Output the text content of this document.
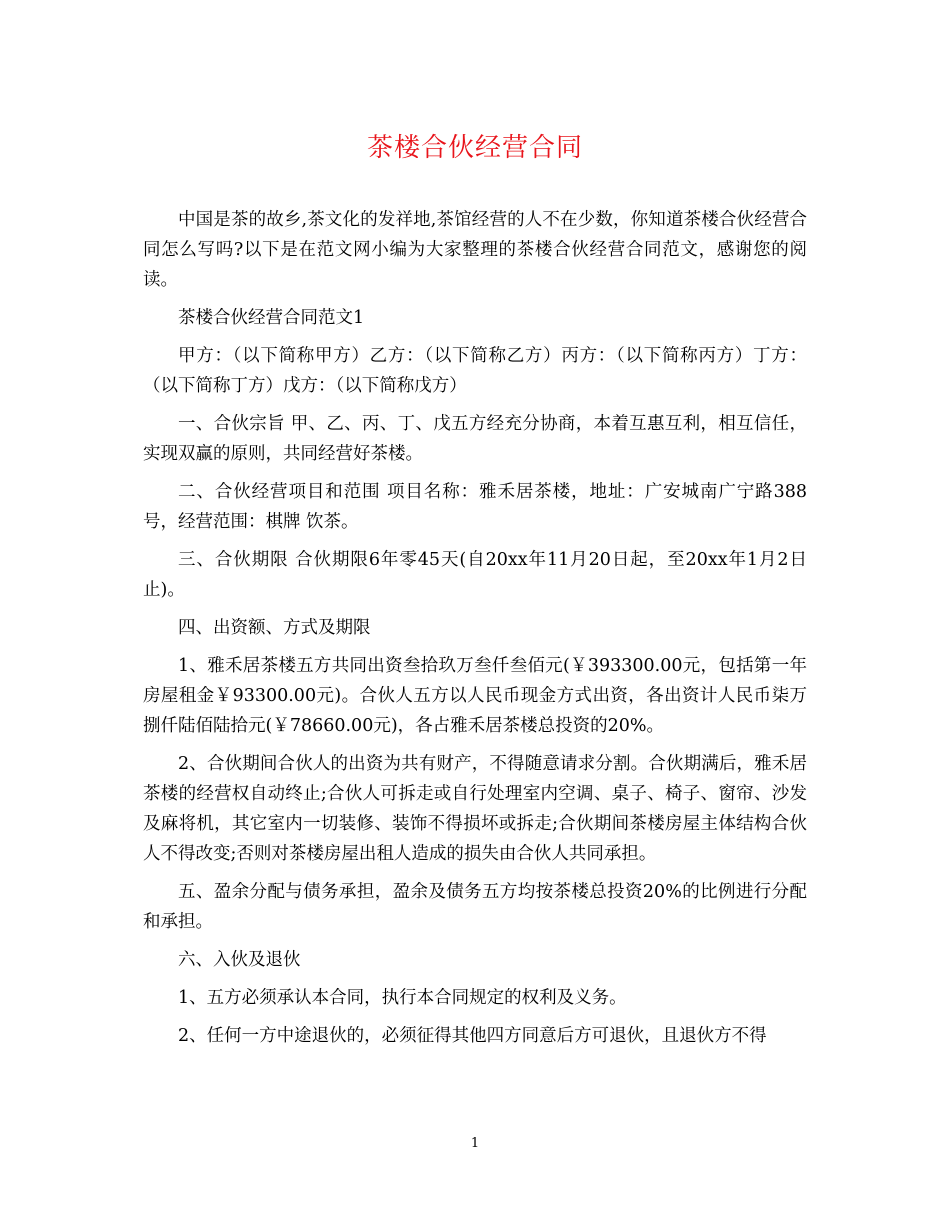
茶楼合伙经营合同

中国是茶的故乡,茶文化的发祥地,茶馆经营的人不在少数，你知道茶楼合伙经营合同怎么写吗?以下是在范文网小编为大家整理的茶楼合伙经营合同范文，感谢您的阅读。

茶楼合伙经营合同范文1

甲方：（以下简称甲方）乙方：（以下简称乙方）丙方：（以下简称丙方）丁方：（以下简称丁方）戊方：（以下简称戊方）

一、合伙宗旨 甲、乙、丙、丁、戊五方经充分协商，本着互惠互利，相互信任，实现双赢的原则，共同经营好茶楼。

二、合伙经营项目和范围 项目名称：雅禾居茶楼，地址：广安城南广宁路388号，经营范围：棋牌 饮茶。

三、合伙期限 合伙期限6年零45天(自20xx年11月20日起，至20xx年1月2日止)。

四、出资额、方式及期限

1、雅禾居茶楼五方共同出资叁拾玖万叁仟叁佰元(￥393300.00元，包括第一年房屋租金￥93300.00元)。合伙人五方以人民币现金方式出资，各出资计人民币柒万捌仟陆佰陆拾元(￥78660.00元)，各占雅禾居茶楼总投资的20%。

2、合伙期间合伙人的出资为共有财产，不得随意请求分割。合伙期满后，雅禾居茶楼的经营权自动终止;合伙人可拆走或自行处理室内空调、桌子、椅子、窗帘、沙发及麻将机，其它室内一切装修、装饰不得损坏或拆走;合伙期间茶楼房屋主体结构合伙人不得改变;否则对茶楼房屋出租人造成的损失由合伙人共同承担。

五、盈余分配与债务承担，盈余及债务五方均按茶楼总投资20%的比例进行分配和承担。

六、入伙及退伙

1、五方必须承认本合同，执行本合同规定的权利及义务。

2、任何一方中途退伙的，必须征得其他四方同意后方可退伙，且退伙方不得

1
